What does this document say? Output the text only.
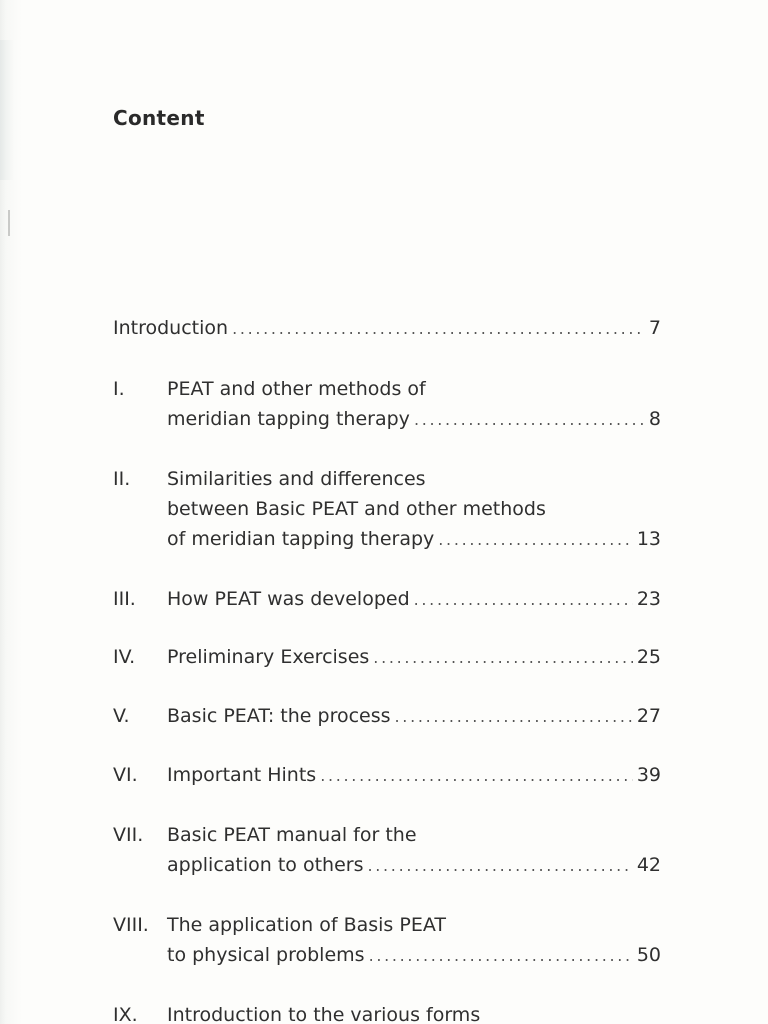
Content
Introduction . . .	7
I.	PEAT and other methods of
meridian tapping therapy . . .	8
II.	Similarities and differences
between Basic PEAT and other methods
of meridian tapping therapy . . .	13
III.	How PEAT was developed . . .	23
IV.	Preliminary Exercises . . .	25
V.	Basic PEAT: the process . . .	27
VI.	Important Hints . . .	39
VII.	Basic PEAT manual for the
application to others . . .	42
VIII. The application of Basis PEAT
to physical problems . . .	50
IX.	Introduction to the various forms
